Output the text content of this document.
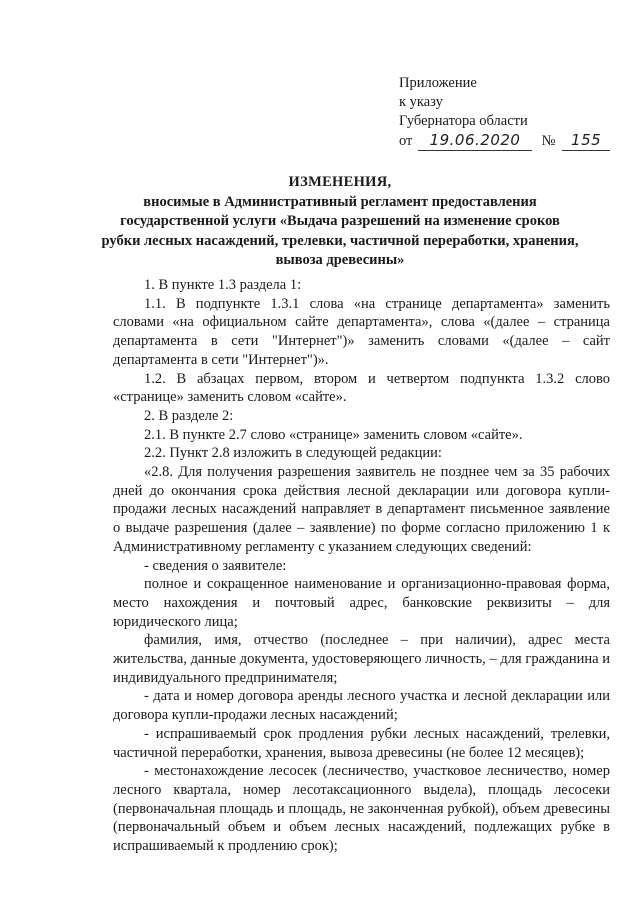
Приложение
к указу
Губернатора области
от 19.06.2020 № 155
ИЗМЕНЕНИЯ,
вносимые в Административный регламент предоставления
государственной услуги «Выдача разрешений на изменение сроков
рубки лесных насаждений, трелевки, частичной переработки, хранения,
вывоза древесины»

1. В пункте 1.3 раздела 1:

1.1. В подпункте 1.3.1 слова «на странице департамента» заменить словами «на официальном сайте департамента», слова «(далее – страница департамента в сети "Интернет")» заменить словами «(далее – сайт департамента в сети "Интернет")».

1.2. В абзацах первом, втором и четвертом подпункта 1.3.2 слово «странице» заменить словом «сайте».

2. В разделе 2:

2.1. В пункте 2.7 слово «странице» заменить словом «сайте».

2.2. Пункт 2.8 изложить в следующей редакции:

«2.8. Для получения разрешения заявитель не позднее чем за 35 рабочих дней до окончания срока действия лесной декларации или договора купли-продажи лесных насаждений направляет в департамент письменное заявление о выдаче разрешения (далее – заявление) по форме согласно приложению 1 к Административному регламенту с указанием следующих сведений:

- сведения о заявителе:

полное и сокращенное наименование и организационно-правовая форма, место нахождения и почтовый адрес, банковские реквизиты – для юридического лица;

фамилия, имя, отчество (последнее – при наличии), адрес места жительства, данные документа, удостоверяющего личность, – для гражданина и индивидуального предпринимателя;

- дата и номер договора аренды лесного участка и лесной декларации или договора купли-продажи лесных насаждений;

- испрашиваемый срок продления рубки лесных насаждений, трелевки, частичной переработки, хранения, вывоза древесины (не более 12 месяцев);

- местонахождение лесосек (лесничество, участковое лесничество, номер лесного квартала, номер лесотаксационного выдела), площадь лесосеки (первоначальная площадь и площадь, не законченная рубкой), объем древесины (первоначальный объем и объем лесных насаждений, подлежащих рубке в испрашиваемый к продлению срок);
